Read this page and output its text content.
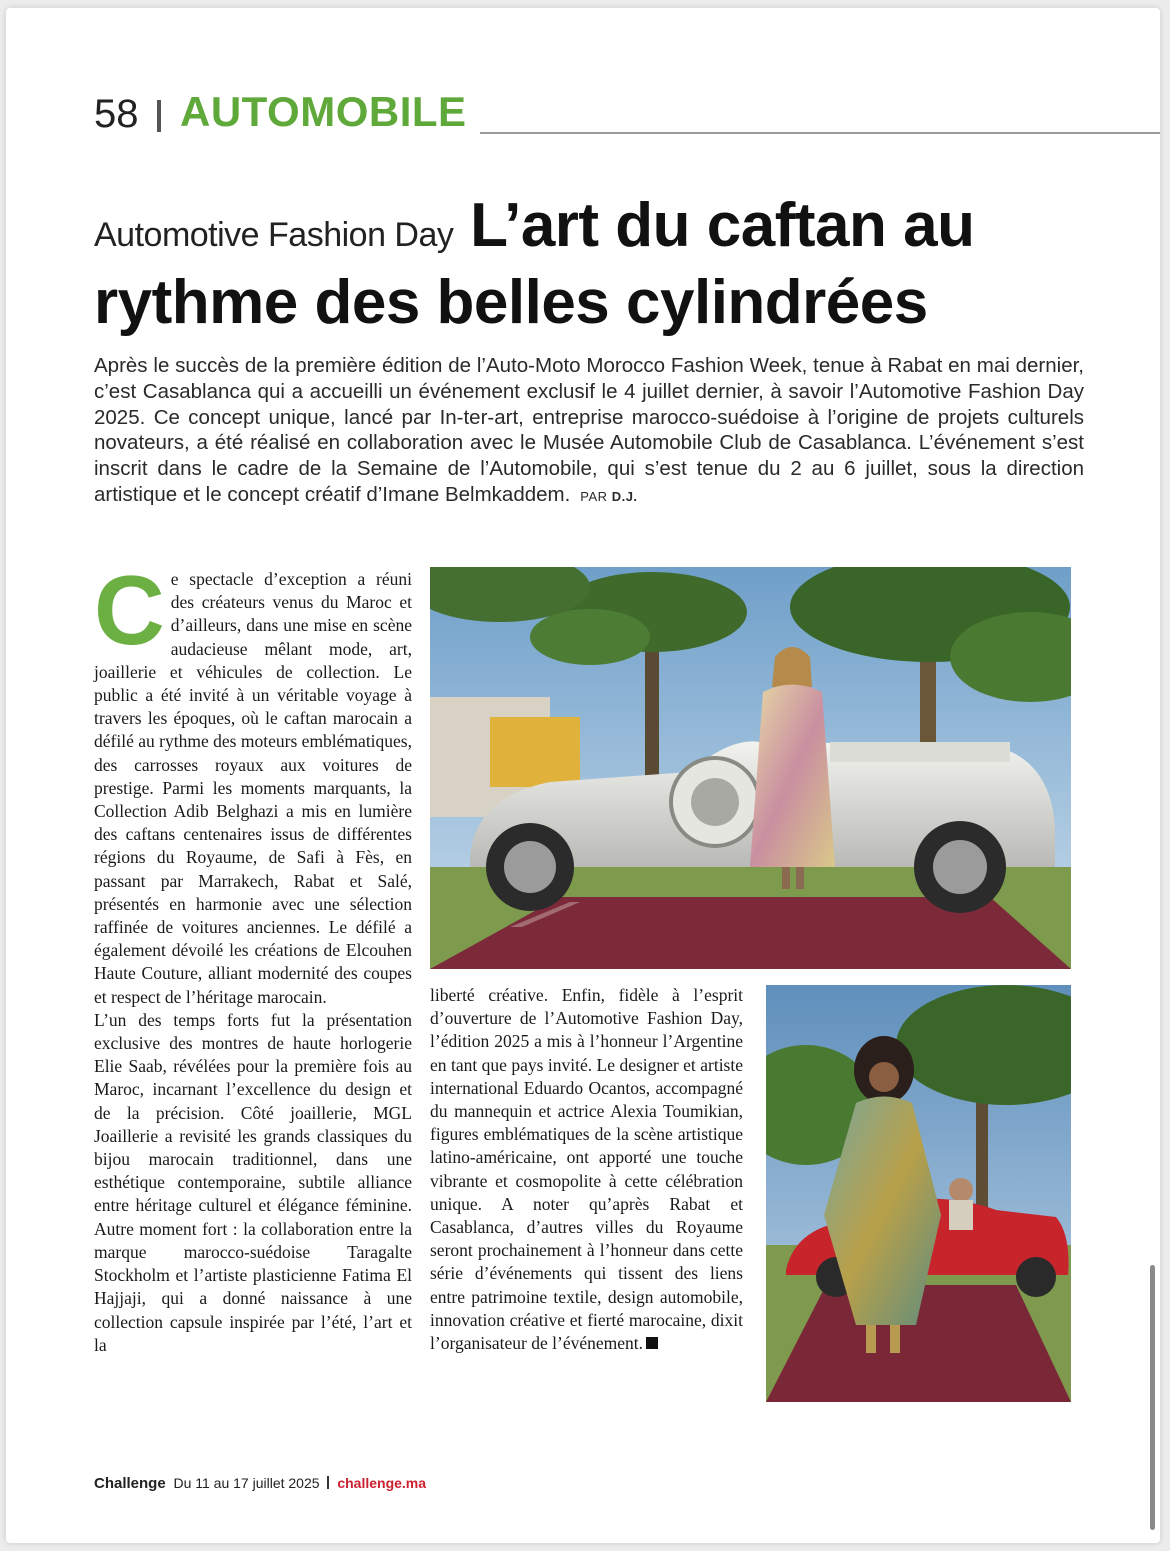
58 AUTOMOBILE
Automotive Fashion Day L’art du caftan au
rythme des belles cylindrées
Après le succès de la première édition de l’Auto-Moto Morocco Fashion Week, tenue à Rabat en mai dernier, c’est Casablanca qui a accueilli un événement exclusif le 4 juillet dernier, à savoir l’Automotive Fashion Day 2025. Ce concept unique, lancé par In-ter-art, entreprise marocco-suédoise à l’origine de projets culturels novateurs, a été réalisé en collaboration avec le Musée Automobile Club de Casablanca. L’événement s’est inscrit dans le cadre de la Semaine de l’Automobile, qui s’est tenue du 2 au 6 juillet, sous la direction artistique et le concept créatif d’Imane Belmkaddem. PAR D.J.

Ce spectacle d’exception a réuni des créateurs venus du Maroc et d’ailleurs, dans une mise en scène audacieuse mêlant mode, art, joaillerie et véhicules de collection. Le public a été invité à un véritable voyage à travers les époques, où le caftan marocain a défilé au rythme des moteurs emblématiques, des carrosses royaux aux voitures de prestige. Parmi les moments marquants, la Collection Adib Belghazi a mis en lumière des caftans centenaires issus de différentes régions du Royaume, de Safi à Fès, en passant par Marrakech, Rabat et Salé, présentés en harmonie avec une sélection raffinée de voitures anciennes. Le défilé a également dévoilé les créations de Elcouhen Haute Couture, alliant modernité des coupes et respect de l’héritage marocain.

L’un des temps forts fut la présentation exclusive des montres de haute horlogerie Elie Saab, révélées pour la première fois au Maroc, incarnant l’excellence du design et de la précision. Côté joaillerie, MGL Joaillerie a revisité les grands classiques du bijou marocain traditionnel, dans une esthétique contemporaine, subtile alliance entre héritage culturel et élégance féminine. Autre moment fort : la collaboration entre la marque marocco-suédoise Taragalte Stockholm et l’artiste plasticienne Fatima El Hajjaji, qui a donné naissance à une collection capsule inspirée par l’été, l’art et la

liberté créative. Enfin, fidèle à l’esprit d’ouverture de l’Automotive Fashion Day, l’édition 2025 a mis à l’honneur l’Argentine en tant que pays invité. Le designer et artiste international Eduardo Ocantos, accompagné du mannequin et actrice Alexia Toumikian, figures emblématiques de la scène artistique latino-américaine, ont apporté une touche vibrante et cosmopolite à cette célébration unique. A noter qu’après Rabat et Casablanca, d’autres villes du Royaume seront prochainement à l’honneur dans cette série d’événements qui tissent des liens entre patrimoine textile, design automobile, innovation créative et fierté marocaine, dixit l’organisateur de l’événement.

Challenge Du 11 au 17 juillet 2025 challenge.ma
